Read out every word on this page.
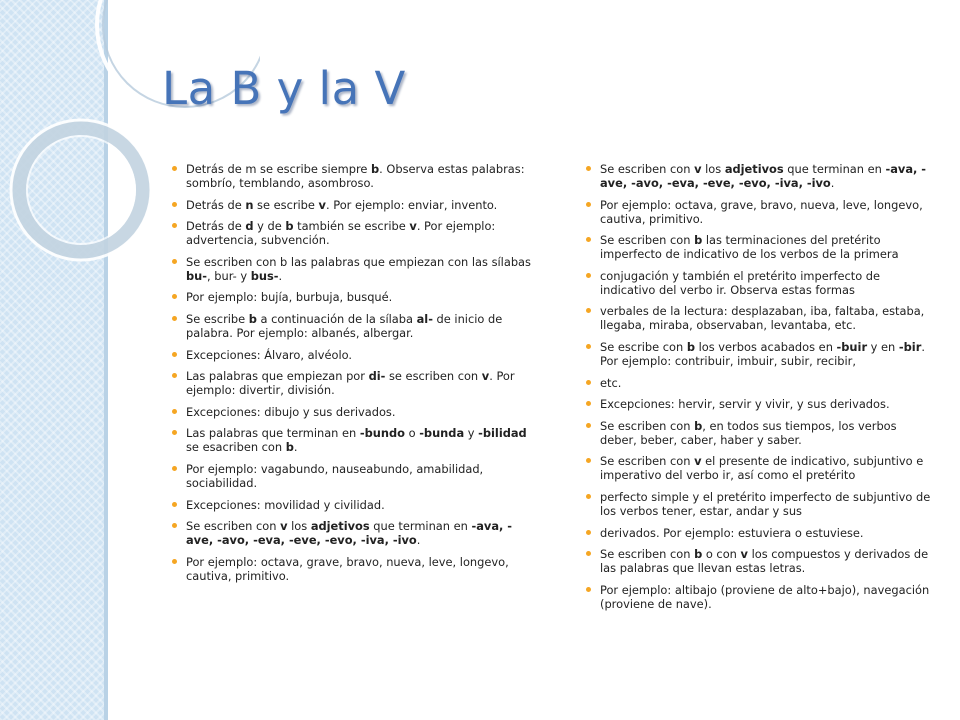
La B y la V
Detrás de m se escribe siempre b. Observa estas palabras: sombrío, temblando, asombroso.
Detrás de n se escribe v. Por ejemplo: enviar, invento.
Detrás de d y de b también se escribe v. Por ejemplo: advertencia, subvención.
Se escriben con b las palabras que empiezan con las sílabas bu-, bur- y bus-.
Por ejemplo: bujía, burbuja, busqué.
Se escribe b a continuación de la sílaba al- de inicio de palabra. Por ejemplo: albanés, albergar.
Excepciones: Álvaro, alvéolo.
Las palabras que empiezan por di- se escriben con v. Por ejemplo: divertir, división.
Excepciones: dibujo y sus derivados.
Las palabras que terminan en -bundo o -bunda y -bilidad se esacriben con b.
Por ejemplo: vagabundo, nauseabundo, amabilidad, sociabilidad.
Excepciones: movilidad y civilidad.
Se escriben con v los adjetivos que terminan en -ava, -ave, -avo, -eva, -eve, -evo, -iva, -ivo.
Por ejemplo: octava, grave, bravo, nueva, leve, longevo, cautiva, primitivo.
Se escriben con v los adjetivos que terminan en -ava, -ave, -avo, -eva, -eve, -evo, -iva, -ivo.
Por ejemplo: octava, grave, bravo, nueva, leve, longevo, cautiva, primitivo.
Se escriben con b las terminaciones del pretérito imperfecto de indicativo de los verbos de la primera
conjugación y también el pretérito imperfecto de indicativo del verbo ir. Observa estas formas
verbales de la lectura: desplazaban, iba, faltaba, estaba, llegaba, miraba, observaban, levantaba, etc.
Se escribe con b los verbos acabados en -buir y en -bir. Por ejemplo: contribuir, imbuir, subir, recibir,
etc.
Excepciones: hervir, servir y vivir, y sus derivados.
Se escriben con b, en todos sus tiempos, los verbos deber, beber, caber, haber y saber.
Se escriben con v el presente de indicativo, subjuntivo e imperativo del verbo ir, así como el pretérito
perfecto simple y el pretérito imperfecto de subjuntivo de los verbos tener, estar, andar y sus
derivados. Por ejemplo: estuviera o estuviese.
Se escriben con b o con v los compuestos y derivados de las palabras que llevan estas letras.
Por ejemplo: altibajo (proviene de alto+bajo), navegación (proviene de nave).
